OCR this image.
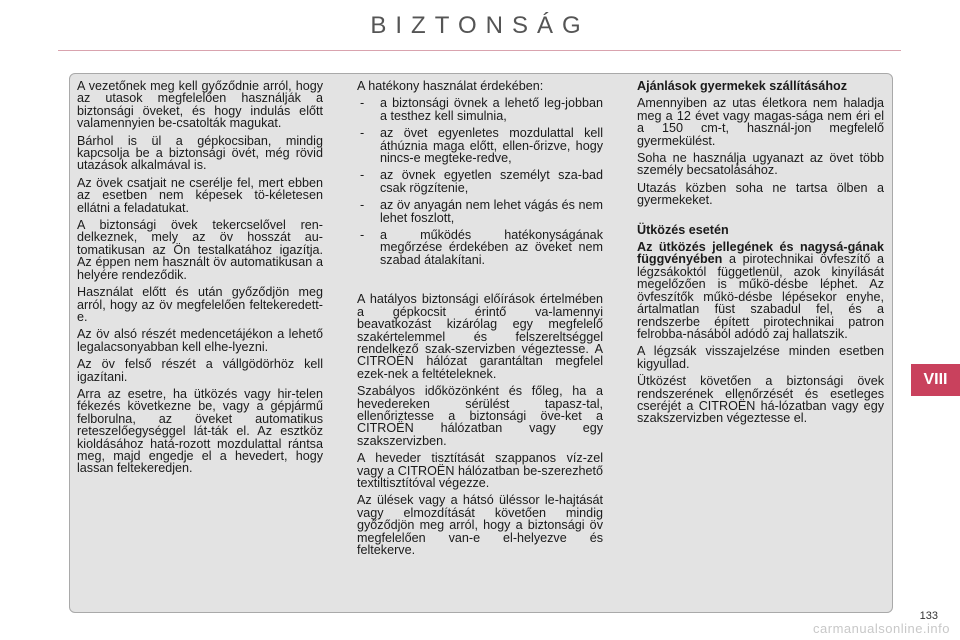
BIZTONSÁG

A vezetőnek meg kell győződnie arról, hogy az utasok megfelelően használják a biztonsági öveket, és hogy indulás előtt valamennyien be-csatolták magukat.

Bárhol is ül a gépkocsiban, mindig kapcsolja be a biztonsági övét, még rövid utazások alkalmával is.

Az övek csatjait ne cserélje fel, mert ebben az esetben nem képesek tö-kéletesen ellátni a feladatukat.

A biztonsági övek tekercselővel ren-delkeznek, mely az öv hosszát au-tomatikusan az Ön testalkatához igazítja. Az éppen nem használt öv automatikusan a helyére rendeződik.

Használat előtt és után győződjön meg arról, hogy az öv megfelelően feltekeredett-e.

Az öv alsó részét medencetájékon a lehető legalacsonyabban kell elhe-lyezni.

Az öv felső részét a vállgödörhöz kell igazítani.

Arra az esetre, ha ütközés vagy hir-telen fékezés következne be, vagy a gépjármű felborulna, az öveket automatikus reteszelőegységgel lát-ták el. Az esztköz kioldásához hatá-rozott mozdulattal rántsa meg, majd engedje el a hevedert, hogy lassan feltekeredjen.

A hatékony használat érdekében:

- a biztonsági övnek a lehető leg-jobban a testhez kell simulnia,
- az övet egyenletes mozdulattal kell áthúznia maga előtt, ellen-őrizve, hogy nincs-e megteke-redve,
- az övnek egyetlen személyt sza-bad csak rögzítenie,
- az öv anyagán nem lehet vágás és nem lehet foszlott,
- a működés hatékonyságának megőrzése érdekében az öveket nem szabad átalakítani.

A hatályos biztonsági előírások értelmében a gépkocsit érintő va-lamennyi beavatkozást kizárólag egy megfelelő szakértelemmel és felszereltséggel rendelkező szak-szervizben végeztesse. A CITROËN hálózat garantáltan megfelel ezek-nek a feltételeknek.

Szabályos időközönként és főleg, ha a hevedereken sérülést tapasz-tal, ellenőriztesse a biztonsági öve-ket a CITROËN hálózatban vagy egy szakszervizben.

A heveder tisztítását szappanos víz-zel vagy a CITROËN hálózatban be-szerezhető textiltisztítóval végezze.

Az ülések vagy a hátsó üléssor le-hajtását vagy elmozdítását követően mindig győződjön meg arról, hogy a biztonsági öv megfelelően van-e el-helyezve és feltekerve.

Ajánlások gyermekek szállításához

Amennyiben az utas életkora nem haladja meg a 12 évet vagy magas-sága nem éri el a 150 cm-t, használ-jon megfelelő gyermekülést.

Soha ne használja ugyanazt az övet több személy becsatolásához.

Utazás közben soha ne tartsa ölben a gyermekeket.

Ütközés esetén

Az ütközés jellegének és nagysá-gának függvényében a pirotechnikai övfeszítő a légzsákoktól függetlenül, azok kinyílását megelőzően is műkö-désbe léphet. Az övfeszítők műkö-désbe lépésekor enyhe, ártalmatlan füst szabadul fel, és a rendszerbe épített pirotechnikai patron felrobba-násából adódó zaj hallatszik.

A légzsák visszajelzése minden esetben kigyullad.

Ütközést követően a biztonsági övek rendszerének ellenőrzését és esetleges cseréjét a CITROËN há-lózatban vagy egy szakszervizben végeztesse el.

VIII
133
carmanualsonline.info
